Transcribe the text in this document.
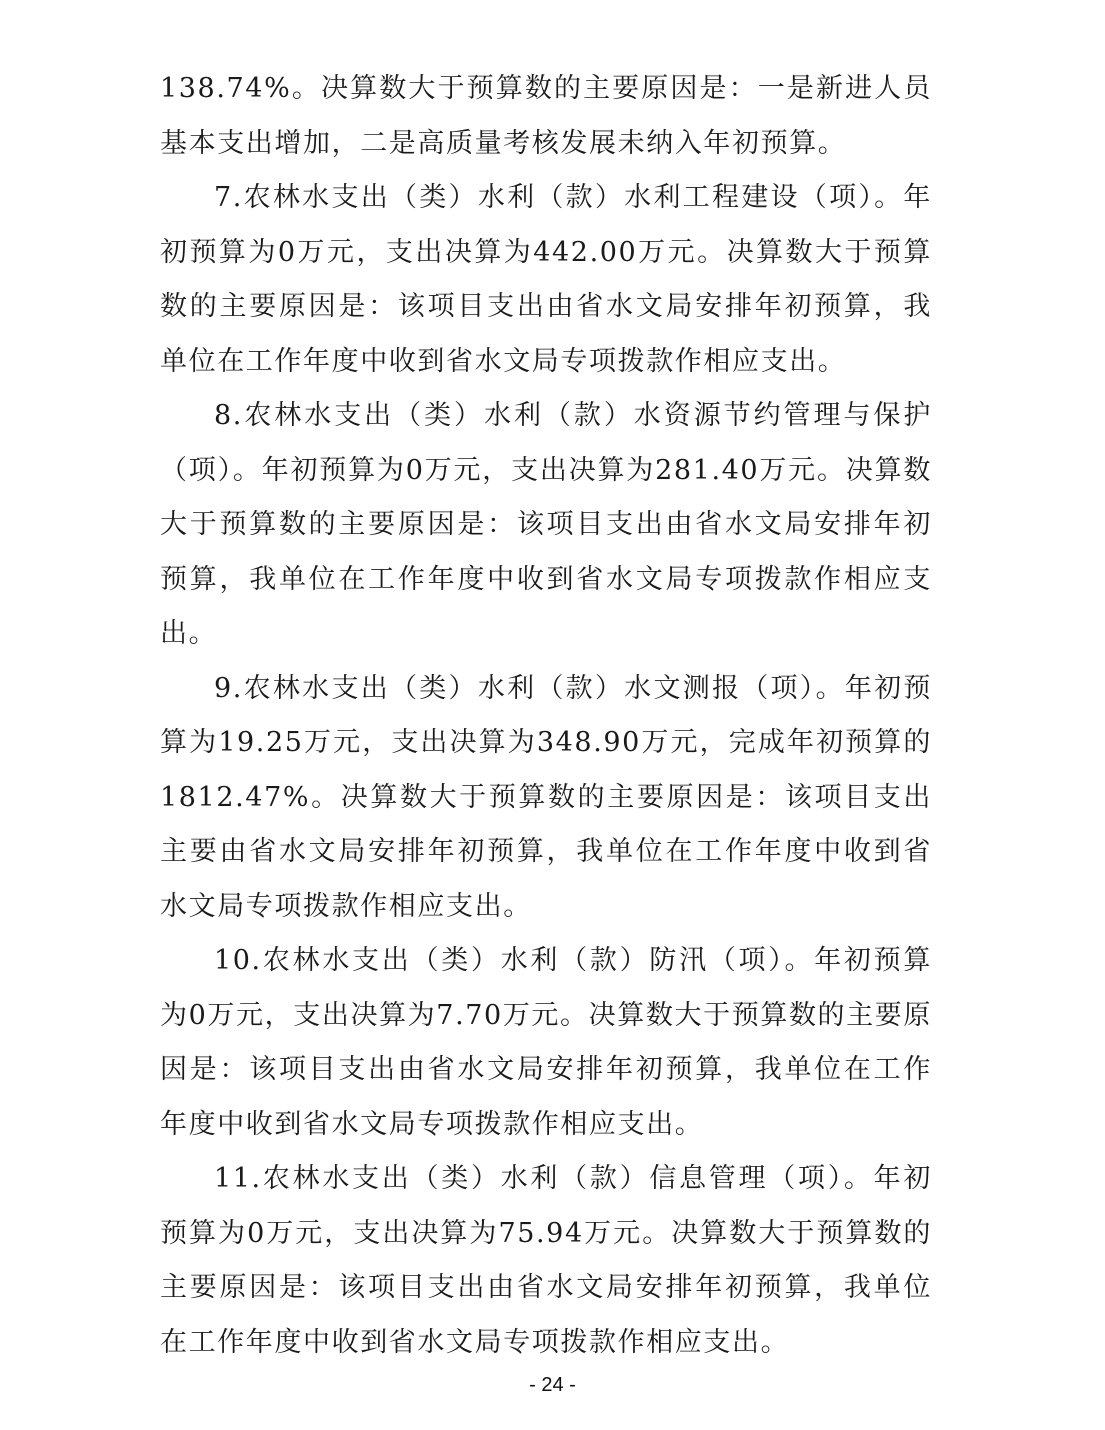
138.74%。决算数大于预算数的主要原因是：一是新进人员基本支出增加，二是高质量考核发展未纳入年初预算。

7.农林水支出（类）水利（款）水利工程建设（项）。年初预算为0万元，支出决算为442.00万元。决算数大于预算数的主要原因是：该项目支出由省水文局安排年初预算，我单位在工作年度中收到省水文局专项拨款作相应支出。

8.农林水支出（类）水利（款）水资源节约管理与保护（项）。年初预算为0万元，支出决算为281.40万元。决算数大于预算数的主要原因是：该项目支出由省水文局安排年初预算，我单位在工作年度中收到省水文局专项拨款作相应支出。

9.农林水支出（类）水利（款）水文测报（项）。年初预算为19.25万元，支出决算为348.90万元，完成年初预算的1812.47%。决算数大于预算数的主要原因是：该项目支出主要由省水文局安排年初预算，我单位在工作年度中收到省水文局专项拨款作相应支出。

10.农林水支出（类）水利（款）防汛（项）。年初预算为0万元，支出决算为7.70万元。决算数大于预算数的主要原因是：该项目支出由省水文局安排年初预算，我单位在工作年度中收到省水文局专项拨款作相应支出。

11.农林水支出（类）水利（款）信息管理（项）。年初预算为0万元，支出决算为75.94万元。决算数大于预算数的主要原因是：该项目支出由省水文局安排年初预算，我单位在工作年度中收到省水文局专项拨款作相应支出。

- 24 -
